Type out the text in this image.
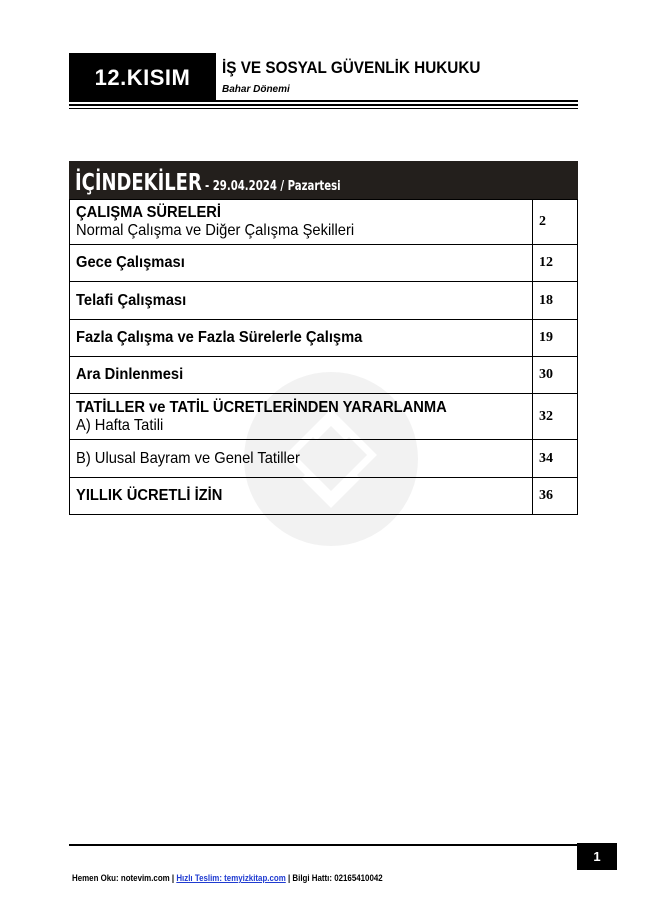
12.KISIM İŞ VE SOSYAL GÜVENLİK HUKUKU
Bahar Dönemi
İÇİNDEKİLER - 29.04.2024 / Pazartesi
ÇALIŞMA SÜRELERİ
Normal Çalışma ve Diğer Çalışma Şekilleri	2

Gece Çalışması	12

Telafi Çalışması	18

Fazla Çalışma ve Fazla Sürelerle Çalışma	19

Ara Dinlenmesi	30

TATİLLER ve TATİL ÜCRETLERİNDEN YARARLANMA
A) Hafta Tatili	32

B) Ulusal Bayram ve Genel Tatiller	34

YILLIK ÜCRETLİ İZİN	36
1
Hemen Oku: notevim.com | Hızlı Teslim: temyizkitap.com | Bilgi Hattı: 02165410042
